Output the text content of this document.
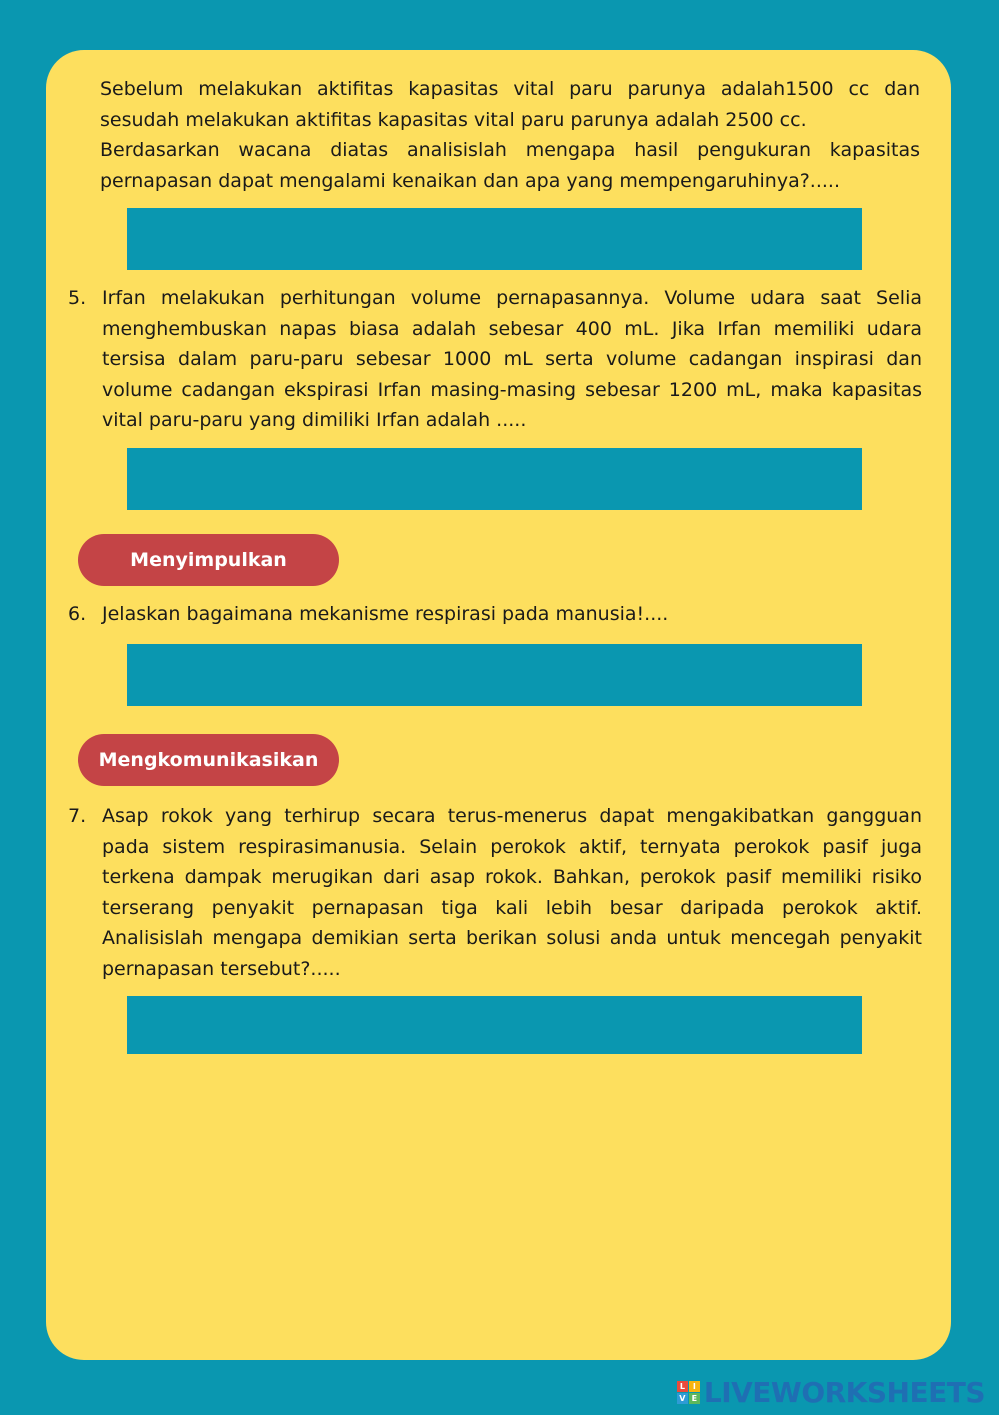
Sebelum melakukan aktifitas kapasitas vital paru parunya adalah1500 cc dan sesudah melakukan aktifitas kapasitas vital paru parunya adalah 2500 cc.

Berdasarkan wacana diatas analisislah mengapa hasil pengukuran kapasitas pernapasan dapat mengalami kenaikan dan apa yang mempengaruhinya?.....

5. Irfan melakukan perhitungan volume pernapasannya. Volume udara saat Selia menghembuskan napas biasa adalah sebesar 400 mL. Jika Irfan memiliki udara tersisa dalam paru-paru sebesar 1000 mL serta volume cadangan inspirasi dan volume cadangan ekspirasi Irfan masing-masing sebesar 1200 mL, maka kapasitas vital paru-paru yang dimiliki Irfan adalah .....
Menyimpulkan
6. Jelaskan bagaimana mekanisme respirasi pada manusia!....
Mengkomunikasikan
7. Asap rokok yang terhirup secara terus-menerus dapat mengakibatkan gangguan pada sistem respirasimanusia. Selain perokok aktif, ternyata perokok pasif juga terkena dampak merugikan dari asap rokok. Bahkan, perokok pasif memiliki risiko terserang penyakit pernapasan tiga kali lebih besar daripada perokok aktif. Analisislah mengapa demikian serta berikan solusi anda untuk mencegah penyakit pernapasan tersebut?.....
L I
V E LIVEWORKSHEETS
